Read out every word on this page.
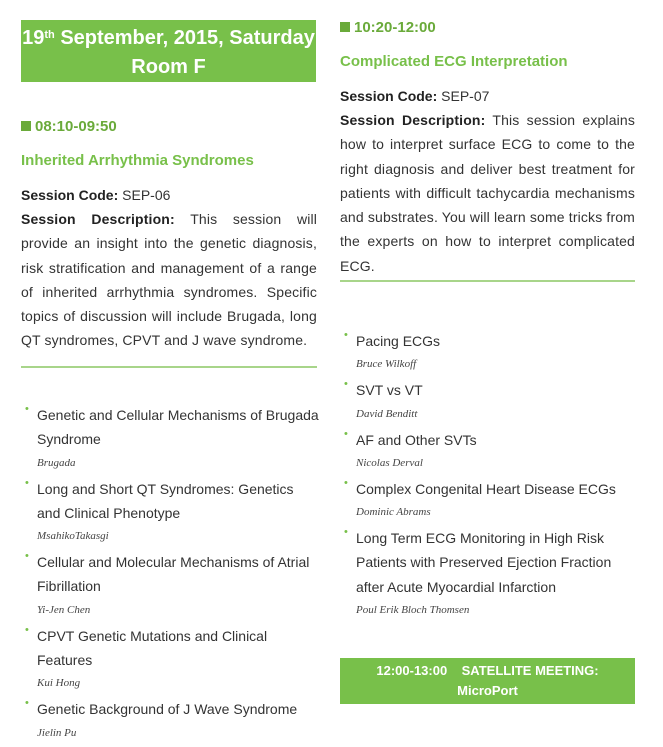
19th September, 2015, Saturday
Room F
08:10-09:50
Inherited Arrhythmia Syndromes
Session Code: SEP-06
Session Description: This session will provide an insight into the genetic diagnosis, risk stratification and management of a range of inherited arrhythmia syndromes. Specific topics of discussion will include Brugada, long QT syndromes, CPVT and J wave syndrome.
• Genetic and Cellular Mechanisms of Brugada Syndrome
Brugada
• Long and Short QT Syndromes: Genetics and Clinical Phenotype
MsahikoTakasgi
• Cellular and Molecular Mechanisms of Atrial Fibrillation
Yi-Jen Chen
• CPVT Genetic Mutations and Clinical Features
Kui Hong
• Genetic Background of J Wave Syndrome
Jielin Pu
10:20-12:00
Complicated ECG Interpretation
Session Code: SEP-07
Session Description: This session explains how to interpret surface ECG to come to the right diagnosis and deliver best treatment for patients with difficult tachycardia mechanisms and substrates. You will learn some tricks from the experts on how to interpret complicated ECG.
• Pacing ECGs
Bruce Wilkoff
• SVT vs VT
David Benditt
• AF and Other SVTs
Nicolas Derval
• Complex Congenital Heart Disease ECGs
Dominic Abrams
• Long Term ECG Monitoring in High Risk Patients with Preserved Ejection Fraction after Acute Myocardial Infarction
Poul Erik Bloch Thomsen
12:00-13:00 SATELLITE MEETING:
MicroPort
